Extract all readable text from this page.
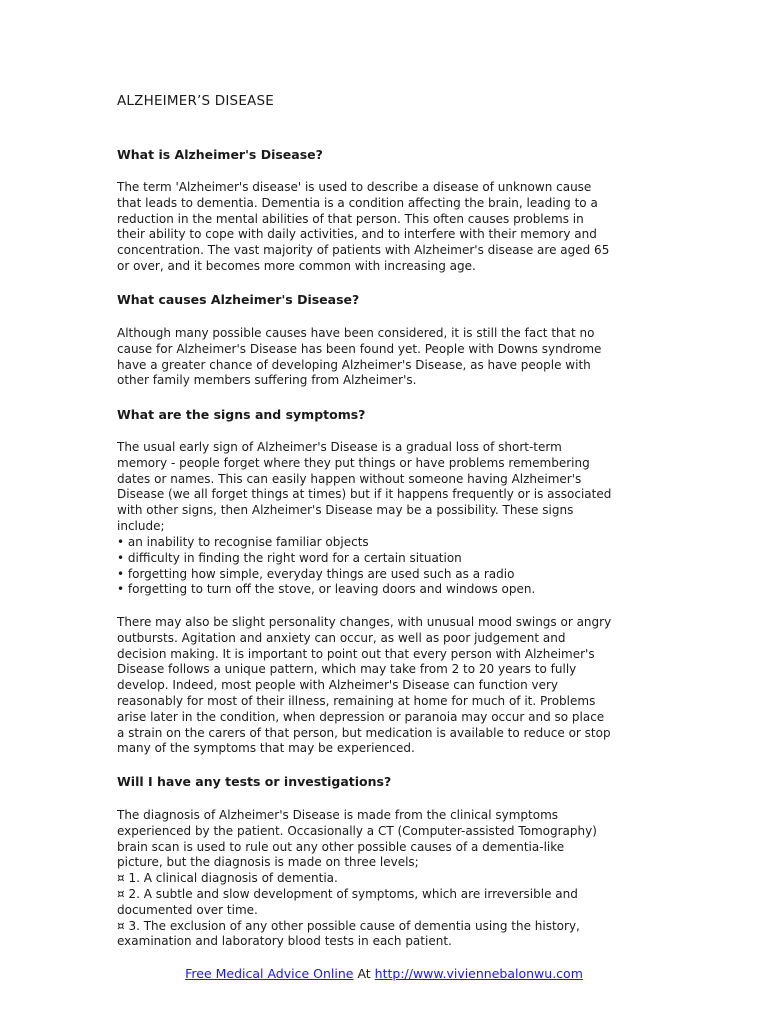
ALZHEIMER’S DISEASE
What is Alzheimer's Disease?
The term 'Alzheimer's disease' is used to describe a disease of unknown cause
that leads to dementia. Dementia is a condition affecting the brain, leading to a
reduction in the mental abilities of that person. This often causes problems in
their ability to cope with daily activities, and to interfere with their memory and
concentration. The vast majority of patients with Alzheimer's disease are aged 65
or over, and it becomes more common with increasing age.
What causes Alzheimer's Disease?
Although many possible causes have been considered, it is still the fact that no
cause for Alzheimer's Disease has been found yet. People with Downs syndrome
have a greater chance of developing Alzheimer's Disease, as have people with
other family members suffering from Alzheimer's.
What are the signs and symptoms?
The usual early sign of Alzheimer's Disease is a gradual loss of short-term
memory - people forget where they put things or have problems remembering
dates or names. This can easily happen without someone having Alzheimer's
Disease (we all forget things at times) but if it happens frequently or is associated
with other signs, then Alzheimer's Disease may be a possibility. These signs
include;
• an inability to recognise familiar objects
• difficulty in finding the right word for a certain situation
• forgetting how simple, everyday things are used such as a radio
• forgetting to turn off the stove, or leaving doors and windows open.
There may also be slight personality changes, with unusual mood swings or angry
outbursts. Agitation and anxiety can occur, as well as poor judgement and
decision making. It is important to point out that every person with Alzheimer's
Disease follows a unique pattern, which may take from 2 to 20 years to fully
develop. Indeed, most people with Alzheimer's Disease can function very
reasonably for most of their illness, remaining at home for much of it. Problems
arise later in the condition, when depression or paranoia may occur and so place
a strain on the carers of that person, but medication is available to reduce or stop
many of the symptoms that may be experienced.
Will I have any tests or investigations?
The diagnosis of Alzheimer's Disease is made from the clinical symptoms
experienced by the patient. Occasionally a CT (Computer-assisted Tomography)
brain scan is used to rule out any other possible causes of a dementia-like
picture, but the diagnosis is made on three levels;
¤ 1. A clinical diagnosis of dementia.
¤ 2. A subtle and slow development of symptoms, which are irreversible and
documented over time.
¤ 3. The exclusion of any other possible cause of dementia using the history,
examination and laboratory blood tests in each patient.
Free Medical Advice Online At http://www.viviennebalonwu.com
